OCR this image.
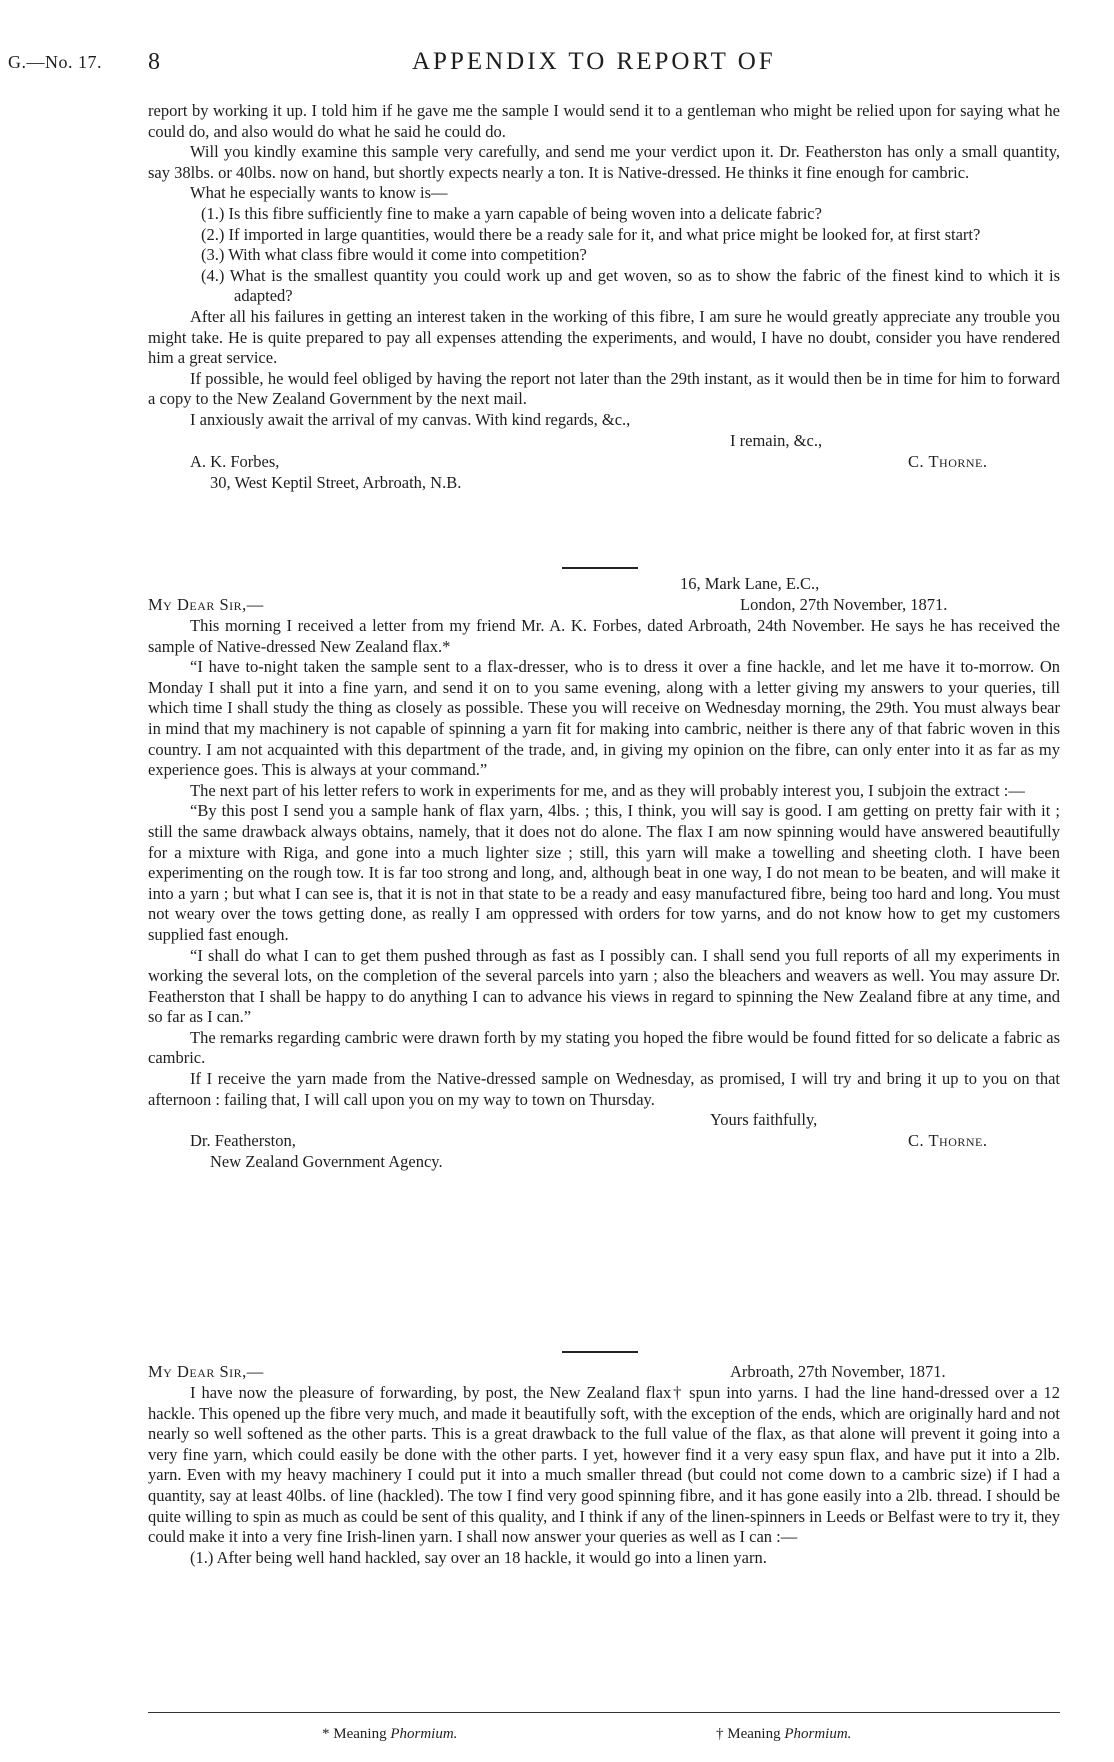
G.—No. 17. 8	APPENDIX TO REPORT OF

report by working it up. I told him if he gave me the sample I would send it to a gentleman who might be relied upon for saying what he could do, and also would do what he said he could do.

Will you kindly examine this sample very carefully, and send me your verdict upon it. Dr. Featherston has only a small quantity, say 38lbs. or 40lbs. now on hand, but shortly expects nearly a ton. It is Native-dressed. He thinks it fine enough for cambric.

What he especially wants to know is—

(1.) Is this fibre sufficiently fine to make a yarn capable of being woven into a delicate fabric?

(2.) If imported in large quantities, would there be a ready sale for it, and what price might be looked for, at first start?

(3.) With what class fibre would it come into competition?

(4.) What is the smallest quantity you could work up and get woven, so as to show the fabric of the finest kind to which it is adapted?

After all his failures in getting an interest taken in the working of this fibre, I am sure he would greatly appreciate any trouble you might take. He is quite prepared to pay all expenses attending the experiments, and would, I have no doubt, consider you have rendered him a great service.

If possible, he would feel obliged by having the report not later than the 29th instant, as it would then be in time for him to forward a copy to the New Zealand Government by the next mail.

I anxiously await the arrival of my canvas. With kind regards, &c.,

I remain, &c.,
A. K. Forbes,	C. Thorne.
30, West Keptil Street, Arbroath, N.B.
16, Mark Lane, E.C.,
My Dear Sir,—	London, 27th November, 1871.

This morning I received a letter from my friend Mr. A. K. Forbes, dated Arbroath, 24th November. He says he has received the sample of Native-dressed New Zealand flax.*

“I have to-night taken the sample sent to a flax-dresser, who is to dress it over a fine hackle, and let me have it to-morrow. On Monday I shall put it into a fine yarn, and send it on to you same evening, along with a letter giving my answers to your queries, till which time I shall study the thing as closely as possible. These you will receive on Wednesday morning, the 29th. You must always bear in mind that my machinery is not capable of spinning a yarn fit for making into cambric, neither is there any of that fabric woven in this country. I am not acquainted with this department of the trade, and, in giving my opinion on the fibre, can only enter into it as far as my experience goes. This is always at your command.”

The next part of his letter refers to work in experiments for me, and as they will probably interest you, I subjoin the extract :—

“By this post I send you a sample hank of flax yarn, 4lbs. ; this, I think, you will say is good. I am getting on pretty fair with it ; still the same drawback always obtains, namely, that it does not do alone. The flax I am now spinning would have answered beautifully for a mixture with Riga, and gone into a much lighter size ; still, this yarn will make a towelling and sheeting cloth. I have been experimenting on the rough tow. It is far too strong and long, and, although beat in one way, I do not mean to be beaten, and will make it into a yarn ; but what I can see is, that it is not in that state to be a ready and easy manufactured fibre, being too hard and long. You must not weary over the tows getting done, as really I am oppressed with orders for tow yarns, and do not know how to get my customers supplied fast enough.

“I shall do what I can to get them pushed through as fast as I possibly can. I shall send you full reports of all my experiments in working the several lots, on the completion of the several parcels into yarn ; also the bleachers and weavers as well. You may assure Dr. Featherston that I shall be happy to do anything I can to advance his views in regard to spinning the New Zealand fibre at any time, and so far as I can.”

The remarks regarding cambric were drawn forth by my stating you hoped the fibre would be found fitted for so delicate a fabric as cambric.

If I receive the yarn made from the Native-dressed sample on Wednesday, as promised, I will try and bring it up to you on that afternoon : failing that, I will call upon you on my way to town on Thursday.

Yours faithfully,
Dr. Featherston,	C. Thorne.
New Zealand Government Agency.
My Dear Sir,—	Arbroath, 27th November, 1871.

I have now the pleasure of forwarding, by post, the New Zealand flax† spun into yarns. I had the line hand-dressed over a 12 hackle. This opened up the fibre very much, and made it beautifully soft, with the exception of the ends, which are originally hard and not nearly so well softened as the other parts. This is a great drawback to the full value of the flax, as that alone will prevent it going into a very fine yarn, which could easily be done with the other parts. I yet, however find it a very easy spun flax, and have put it into a 2lb. yarn. Even with my heavy machinery I could put it into a much smaller thread (but could not come down to a cambric size) if I had a quantity, say at least 40lbs. of line (hackled). The tow I find very good spinning fibre, and it has gone easily into a 2lb. thread. I should be quite willing to spin as much as could be sent of this quality, and I think if any of the linen-spinners in Leeds or Belfast were to try it, they could make it into a very fine Irish-linen yarn. I shall now answer your queries as well as I can :—

(1.) After being well hand hackled, say over an 18 hackle, it would go into a linen yarn.

* Meaning Phormium.	† Meaning Phormium.
